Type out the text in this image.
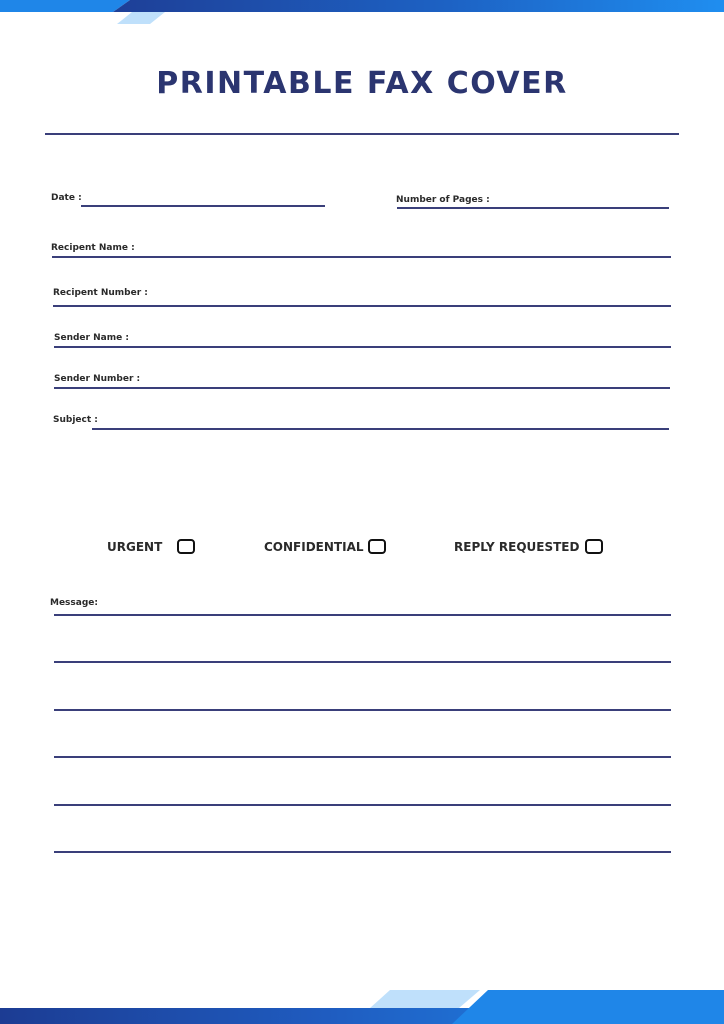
PRINTABLE FAX COVER
Date :	Number of Pages :
Recipent Name :
Recipent Number :
Sender Name :
Sender Number :
Subject :
URGENT	CONFIDENTIAL	REPLY REQUESTED
Message:
